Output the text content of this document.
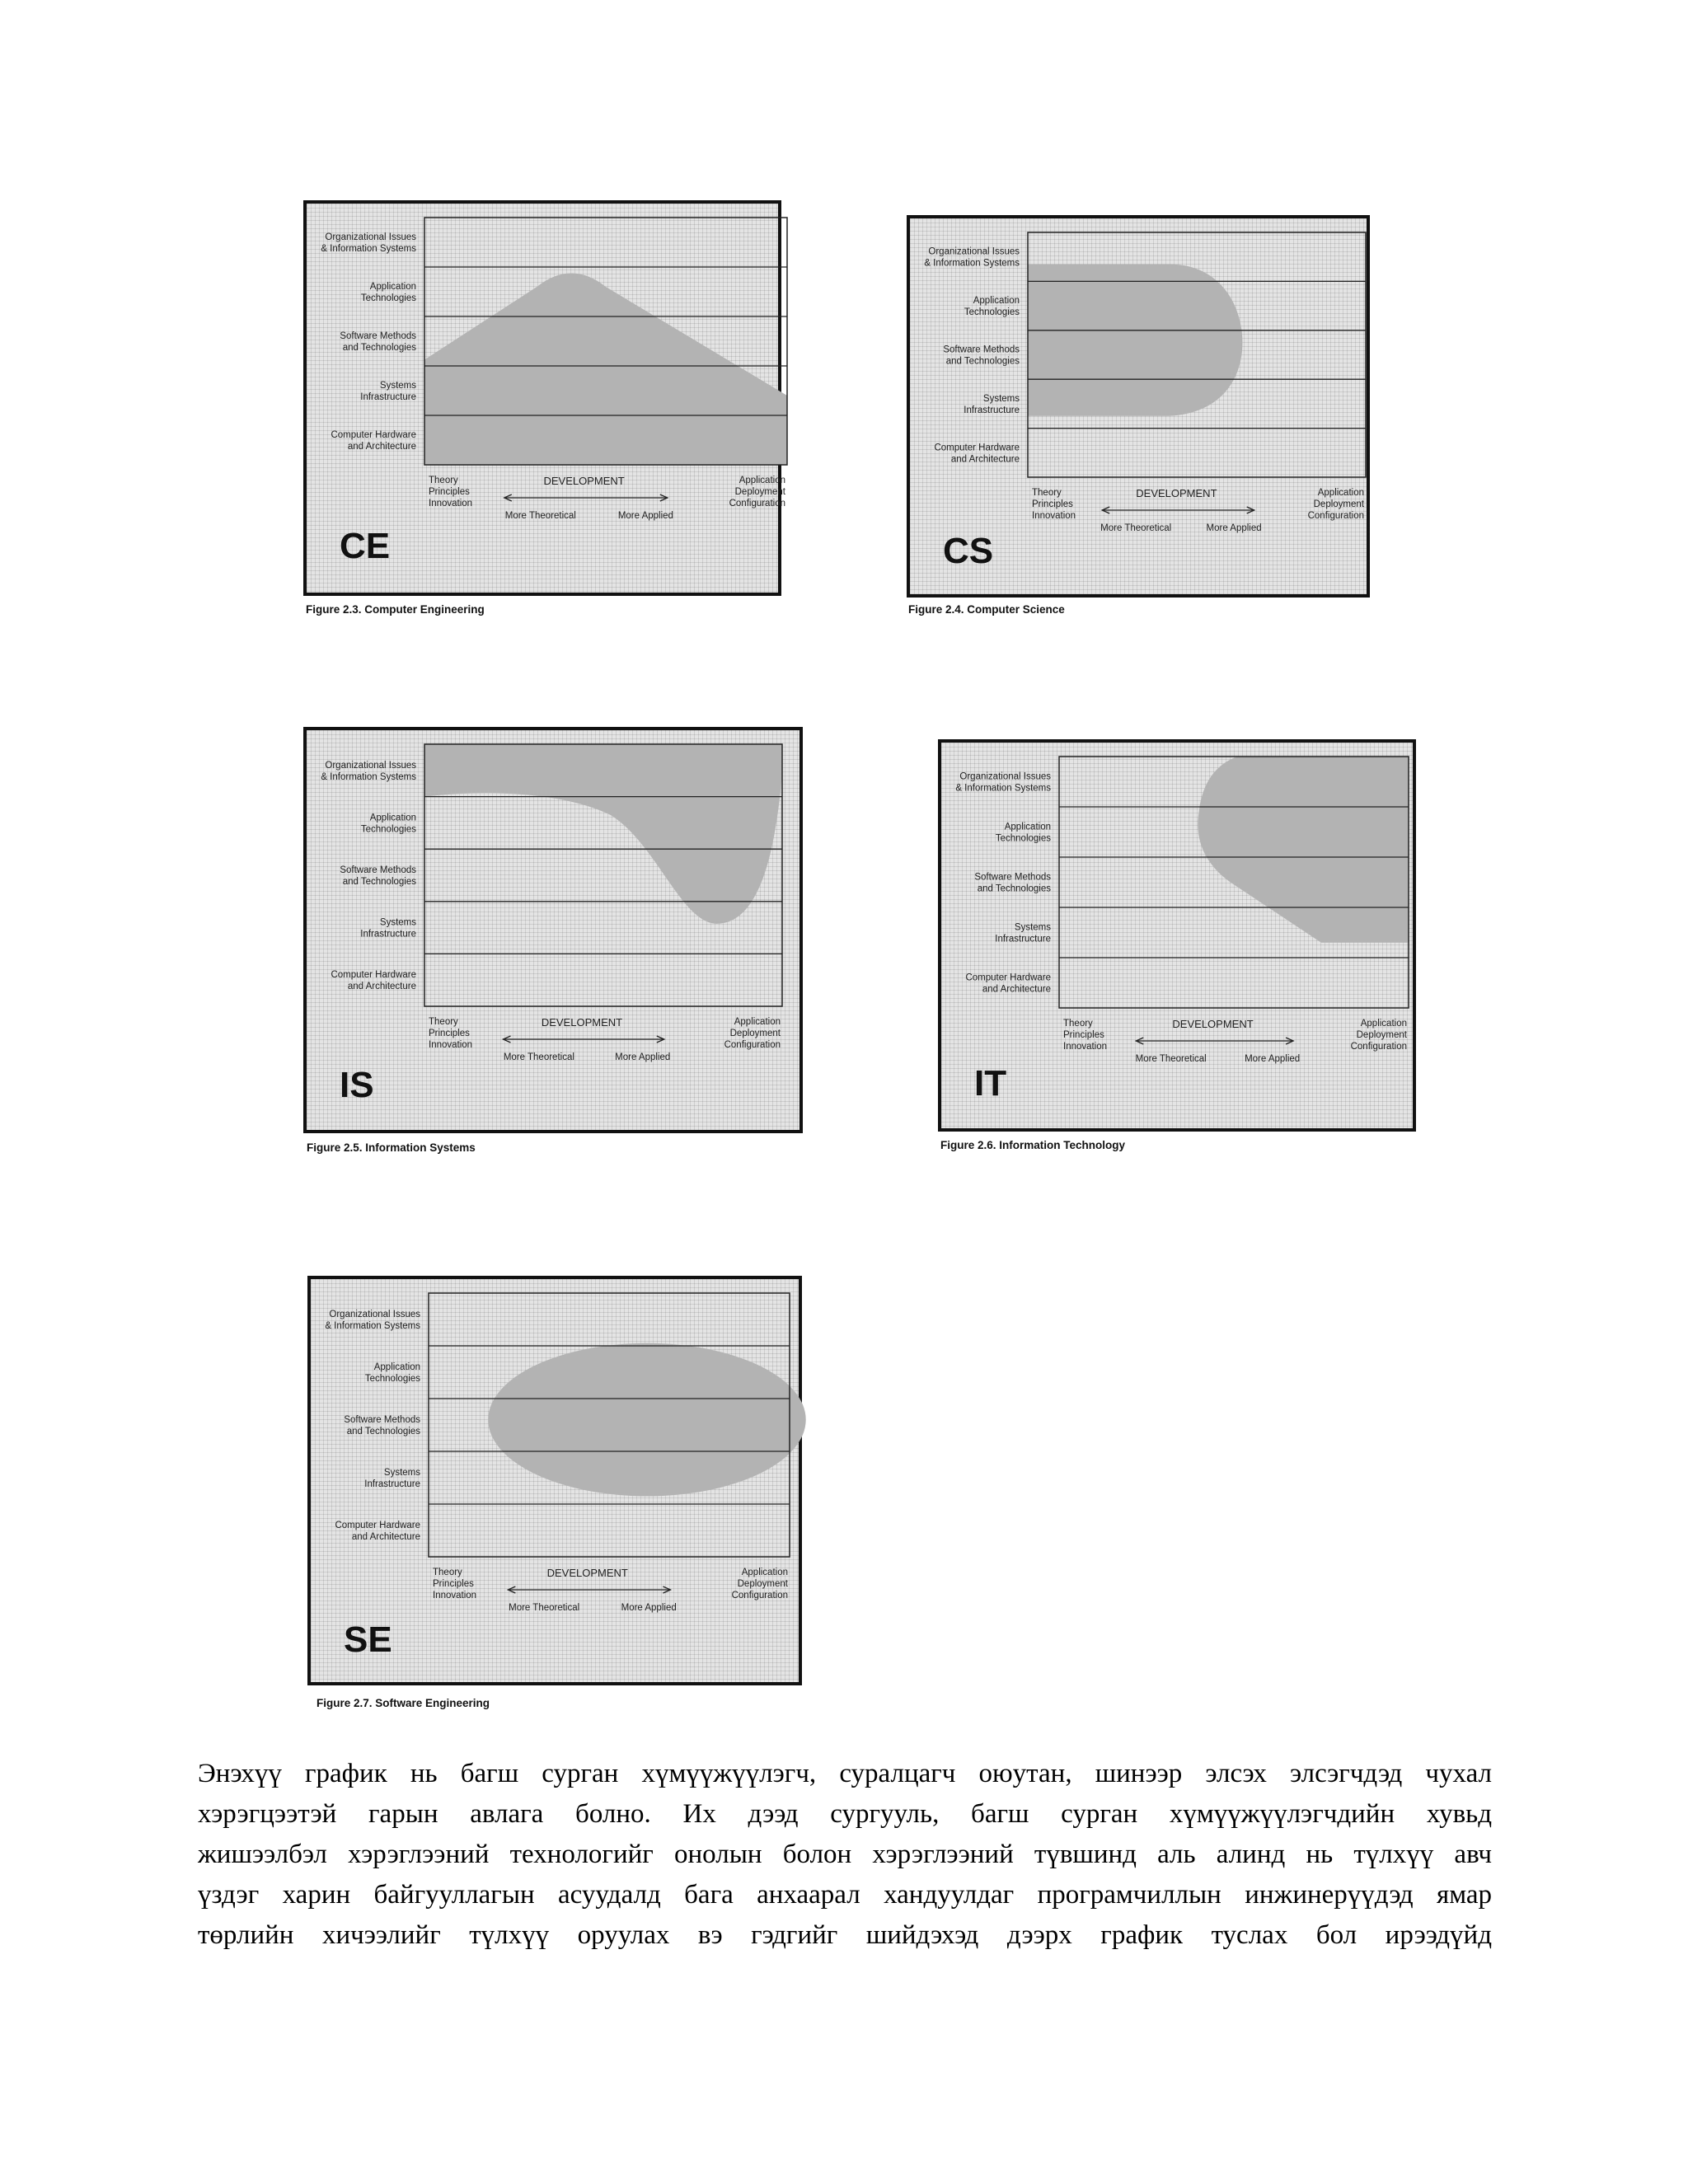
Organizational Issues
& Information Systems
Application
Technologies
Software Methods
and Technologies
Systems
Infrastructure
Computer Hardware
and Architecture
Theory
Principles
Innovation
Application
Deployment
Configuration
DEVELOPMENT
More Theoretical	More Applied
CE
Figure 2.3. Computer Engineering
Organizational Issues
& Information Systems
Application
Technologies
Software Methods
and Technologies
Systems
Infrastructure
Computer Hardware
and Architecture
Theory
Principles
Innovation
Application
Deployment
Configuration
DEVELOPMENT
More Theoretical	More Applied
CS
Figure 2.4. Computer Science
Organizational Issues
& Information Systems
Application
Technologies
Software Methods
and Technologies
Systems
Infrastructure
Computer Hardware
and Architecture
Theory
Principles
Innovation
Application
Deployment
Configuration
DEVELOPMENT
More Theoretical	More Applied
IS
Figure 2.5. Information Systems
Organizational Issues
& Information Systems
Application
Technologies
Software Methods
and Technologies
Systems
Infrastructure
Computer Hardware
and Architecture
Theory
Principles
Innovation
Application
Deployment
Configuration
DEVELOPMENT
More Theoretical	More Applied
IT
Figure 2.6. Information Technology
Organizational Issues
& Information Systems
Application
Technologies
Software Methods
and Technologies
Systems
Infrastructure
Computer Hardware
and Architecture
Theory
Principles
Innovation
Application
Deployment
Configuration
DEVELOPMENT
More Theoretical	More Applied
SE
Figure 2.7. Software Engineering
Энэхүү график нь багш сурган хүмүүжүүлэгч, суралцагч оюутан, шинээр элсэх элсэгчдэд чухал
хэрэгцээтэй гарын авлага болно. Их дээд сургууль, багш сурган хүмүүжүүлэгчдийн хувьд
жишээлбэл хэрэглээний технологийг онолын болон хэрэглээний түвшинд аль алинд нь түлхүү авч
үздэг харин байгууллагын асуудалд бага анхаарал хандуулдаг програмчиллын инжинерүүдэд ямар
төрлийн хичээлийг түлхүү оруулах вэ гэдгийг шийдэхэд дээрх график туслах бол ирээдүйд
